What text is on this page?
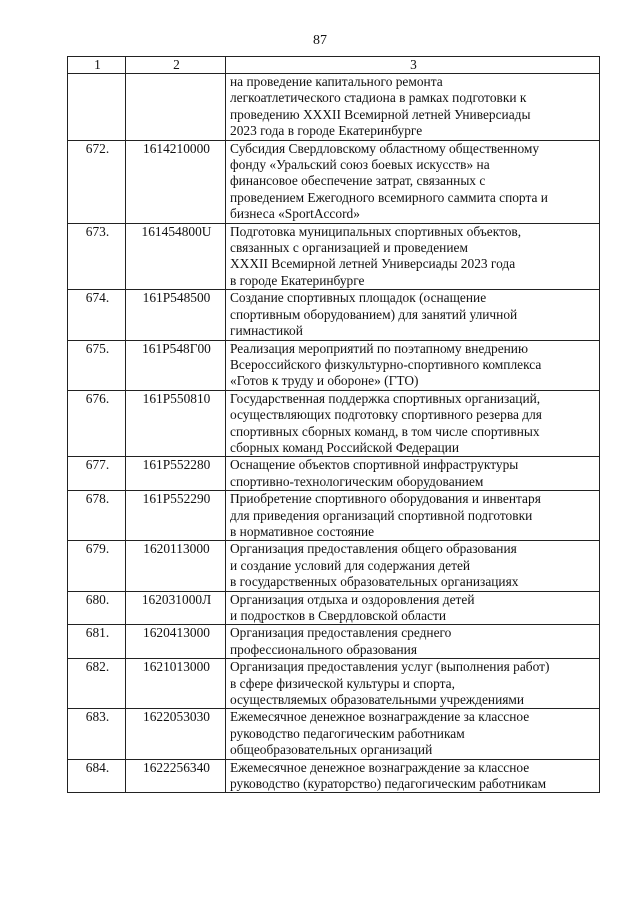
87
1	2	3
		на проведение капитального ремонта
легкоатлетического стадиона в рамках подготовки к
проведению XXXII Всемирной летней Универсиады
2023 года в городе Екатеринбурге
672.	1614210000	Субсидия Свердловскому областному общественному
фонду «Уральский союз боевых искусств» на
финансовое обеспечение затрат, связанных с
проведением Ежегодного всемирного саммита спорта и
бизнеса «SportAccord»
673.	161454800U	Подготовка муниципальных спортивных объектов,
связанных с организацией и проведением
XXXII Всемирной летней Универсиады 2023 года
в городе Екатеринбурге
674.	161Р548500	Создание спортивных площадок (оснащение
спортивным оборудованием) для занятий уличной
гимнастикой
675.	161Р548Г00	Реализация мероприятий по поэтапному внедрению
Всероссийского физкультурно-спортивного комплекса
«Готов к труду и обороне» (ГТО)
676.	161Р550810	Государственная поддержка спортивных организаций,
осуществляющих подготовку спортивного резерва для
спортивных сборных команд, в том числе спортивных
сборных команд Российской Федерации
677.	161Р552280	Оснащение объектов спортивной инфраструктуры
спортивно-технологическим оборудованием
678.	161Р552290	Приобретение спортивного оборудования и инвентаря
для приведения организаций спортивной подготовки
в нормативное состояние

679.	1620113000	Организация предоставления общего образования
и создание условий для содержания детей
в государственных образовательных организациях
680.	162031000Л	Организация отдыха и оздоровления детей
и подростков в Свердловской области
681.	1620413000	Организация предоставления среднего
профессионального образования

682.	1621013000	Организация предоставления услуг (выполнения работ)
в сфере физической культуры и спорта,
осуществляемых образовательными учреждениями
683.	1622053030	Ежемесячное денежное вознаграждение за классное
руководство педагогическим работникам
общеобразовательных организаций
684.	1622256340	Ежемесячное денежное вознаграждение за классное
руководство (кураторство) педагогическим работникам
